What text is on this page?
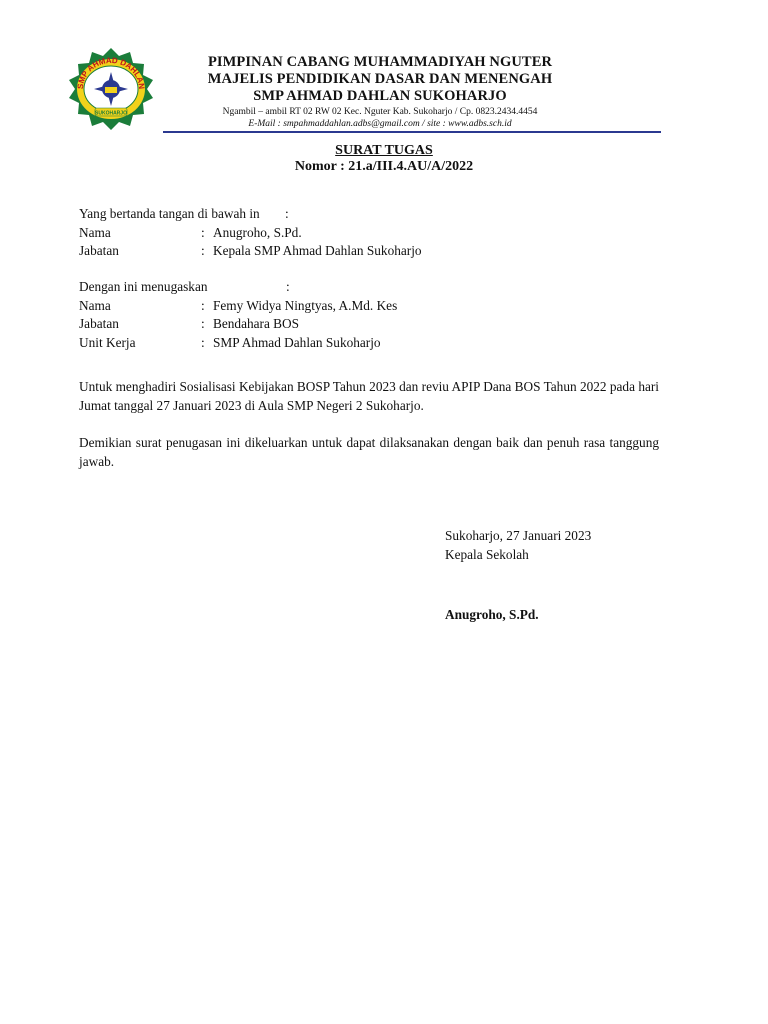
SMP AHMAD DAHLAN
SUKOHARJO
PIMPINAN CABANG MUHAMMADIYAH NGUTER
MAJELIS PENDIDIKAN DASAR DAN MENENGAH
SMP AHMAD DAHLAN SUKOHARJO
Ngambil – ambil RT 02 RW 02 Kec. Nguter Kab. Sukoharjo / Cp. 0823.2434.4454
E-Mail : smpahmaddahlan.adbs@gmail.com / site : www.adbs.sch.id
SURAT TUGAS
Nomor : 21.a/III.4.AU/A/2022
Yang bertanda tangan di bawah in :
Nama	: Anugroho, S.Pd.
Jabatan	: Kepala SMP Ahmad Dahlan Sukoharjo
Dengan ini menugaskan	:
Nama	: Femy Widya Ningtyas, A.Md. Kes
Jabatan	: Bendahara BOS
Unit Kerja	: SMP Ahmad Dahlan Sukoharjo
Untuk menghadiri Sosialisasi Kebijakan BOSP Tahun 2023 dan reviu APIP Dana BOS Tahun 2022 pada hari Jumat tanggal 27 Januari 2023 di Aula SMP Negeri 2 Sukoharjo.
Demikian surat penugasan ini dikeluarkan untuk dapat dilaksanakan dengan baik dan penuh rasa tanggung jawab.
Sukoharjo, 27 Januari 2023
Kepala Sekolah
Anugroho, S.Pd.
